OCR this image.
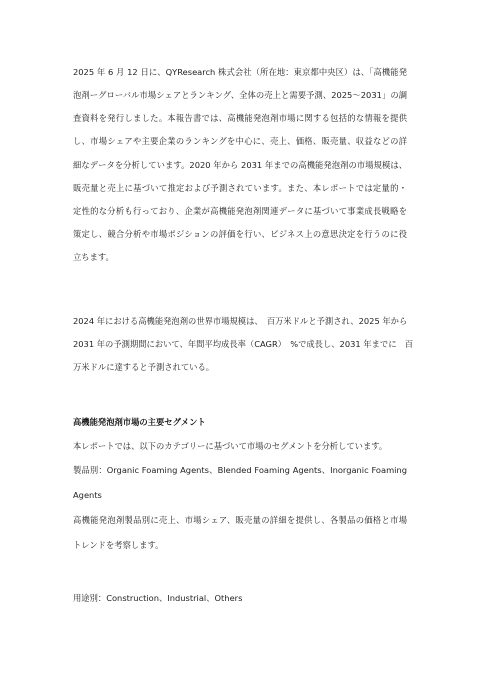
2025 年 6 月 12 日に、QYResearch 株式会社（所在地：東京都中央区）は、「高機能発
泡剤ーグローバル市場シェアとランキング、全体の売上と需要予測、2025～2031」の調
査資料を発行しました。本報告書では、高機能発泡剤市場に関する包括的な情報を提供
し、市場シェアや主要企業のランキングを中心に、売上、価格、販売量、収益などの詳
細なデータを分析しています。2020 年から 2031 年までの高機能発泡剤の市場規模は、
販売量と売上に基づいて推定および予測されています。また、本レポートでは定量的・
定性的な分析も行っており、企業が高機能発泡剤関連データに基づいて事業成長戦略を
策定し、競合分析や市場ポジションの評価を行い、ビジネス上の意思決定を行うのに役
立ちます。
2024 年における高機能発泡剤の世界市場規模は、　百万米ドルと予測され、2025 年から
2031 年の予測期間において、年間平均成長率（CAGR）　%で成長し、2031 年までに　百
万米ドルに達すると予測されている。
高機能発泡剤市場の主要セグメント
本レポートでは、以下のカテゴリーに基づいて市場のセグメントを分析しています。
製品別：Organic Foaming Agents、Blended Foaming Agents、Inorganic Foaming
Agents
高機能発泡剤製品別に売上、市場シェア、販売量の詳細を提供し、各製品の価格と市場
トレンドを考察します。
用途別：Construction、Industrial、Others
